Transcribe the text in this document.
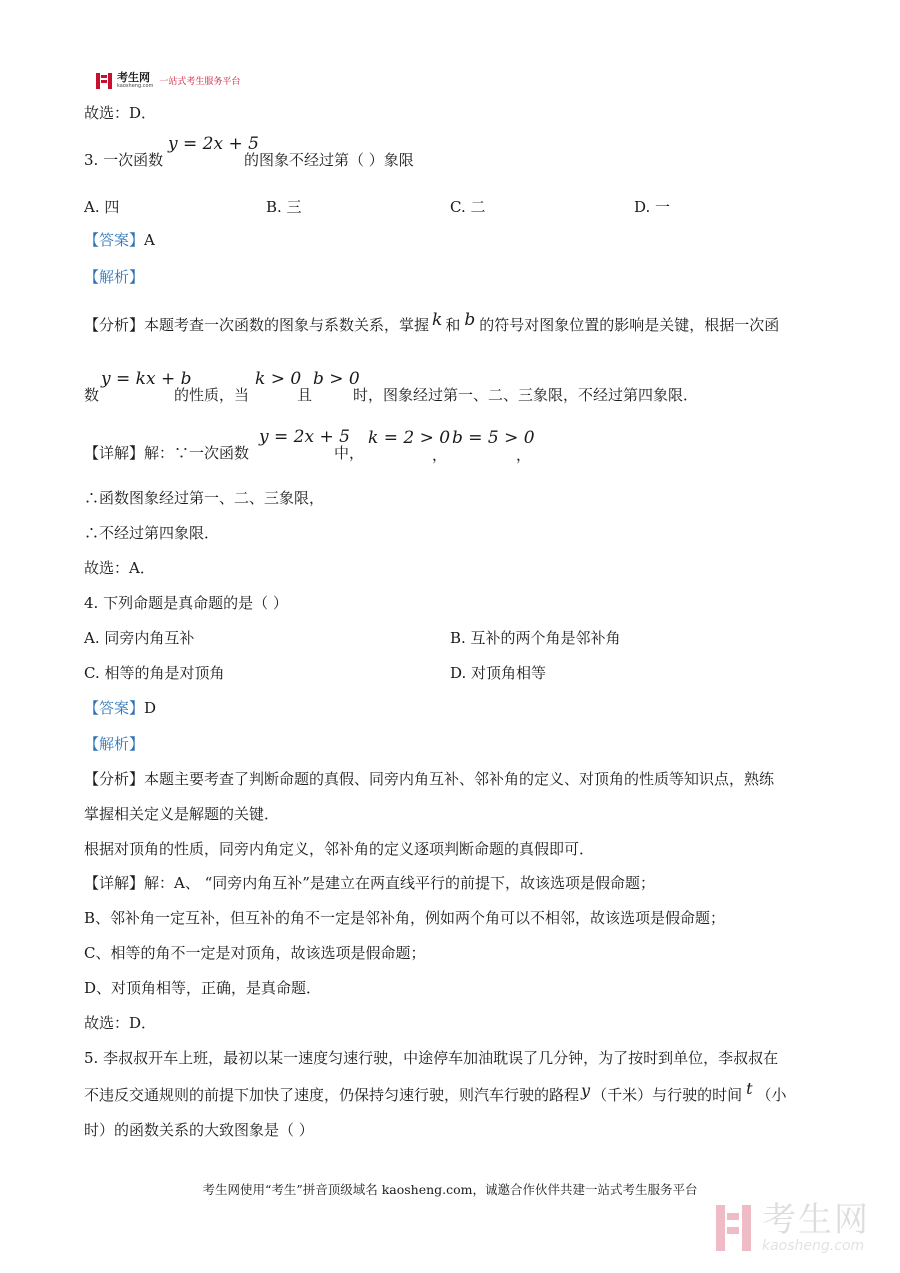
考生网
kaosheng.com 一站式考生服务平台
故选：D．
3. 一次函数
y = 2x + 5
的图象不经过第（ ）象限
A. 四	B. 三	C. 二	D. 一
【答案】A
【解析】
【分析】本题考查一次函数的图象与系数关系，掌握 k 和 b 的符号对图象位置的影响是关键，根据一次函
数
y = kx + b
的性质，当
k > 0
且
b > 0
时，图象经过第一、二、三象限，不经过第四象限．
【详解】解：∵一次函数
y = 2x + 5
中，
k = 2 > 0
，
b = 5 > 0
，
∴函数图象经过第一、二、三象限，
∴不经过第四象限．
故选：A．
4. 下列命题是真命题的是（ ）
A. 同旁内角互补	B. 互补的两个角是邻补角
C. 相等的角是对顶角	D. 对顶角相等
【答案】D
【解析】
【分析】本题主要考查了判断命题的真假、同旁内角互补、邻补角的定义、对顶角的性质等知识点，熟练
掌握相关定义是解题的关键．
根据对顶角的性质，同旁内角定义，邻补角的定义逐项判断命题的真假即可．
【详解】解：A、 “同旁内角互补”是建立在两直线平行的前提下，故该选项是假命题；
B、邻补角一定互补，但互补的角不一定是邻补角，例如两个角可以不相邻，故该选项是假命题；
C、相等的角不一定是对顶角，故该选项是假命题；
D、对顶角相等，正确，是真命题．
故选：D．
5. 李叔叔开车上班，最初以某一速度匀速行驶，中途停车加油耽误了几分钟，为了按时到单位，李叔叔在
不违反交通规则的前提下加快了速度，仍保持匀速行驶，则汽车行驶的路程 y （千米）与行驶的时间 t （小
时）的函数关系的大致图象是（ ）
考生网使用“考生”拼音顶级域名 kaosheng.com，诚邀合作伙伴共建一站式考生服务平台
考生网
kaosheng.com
